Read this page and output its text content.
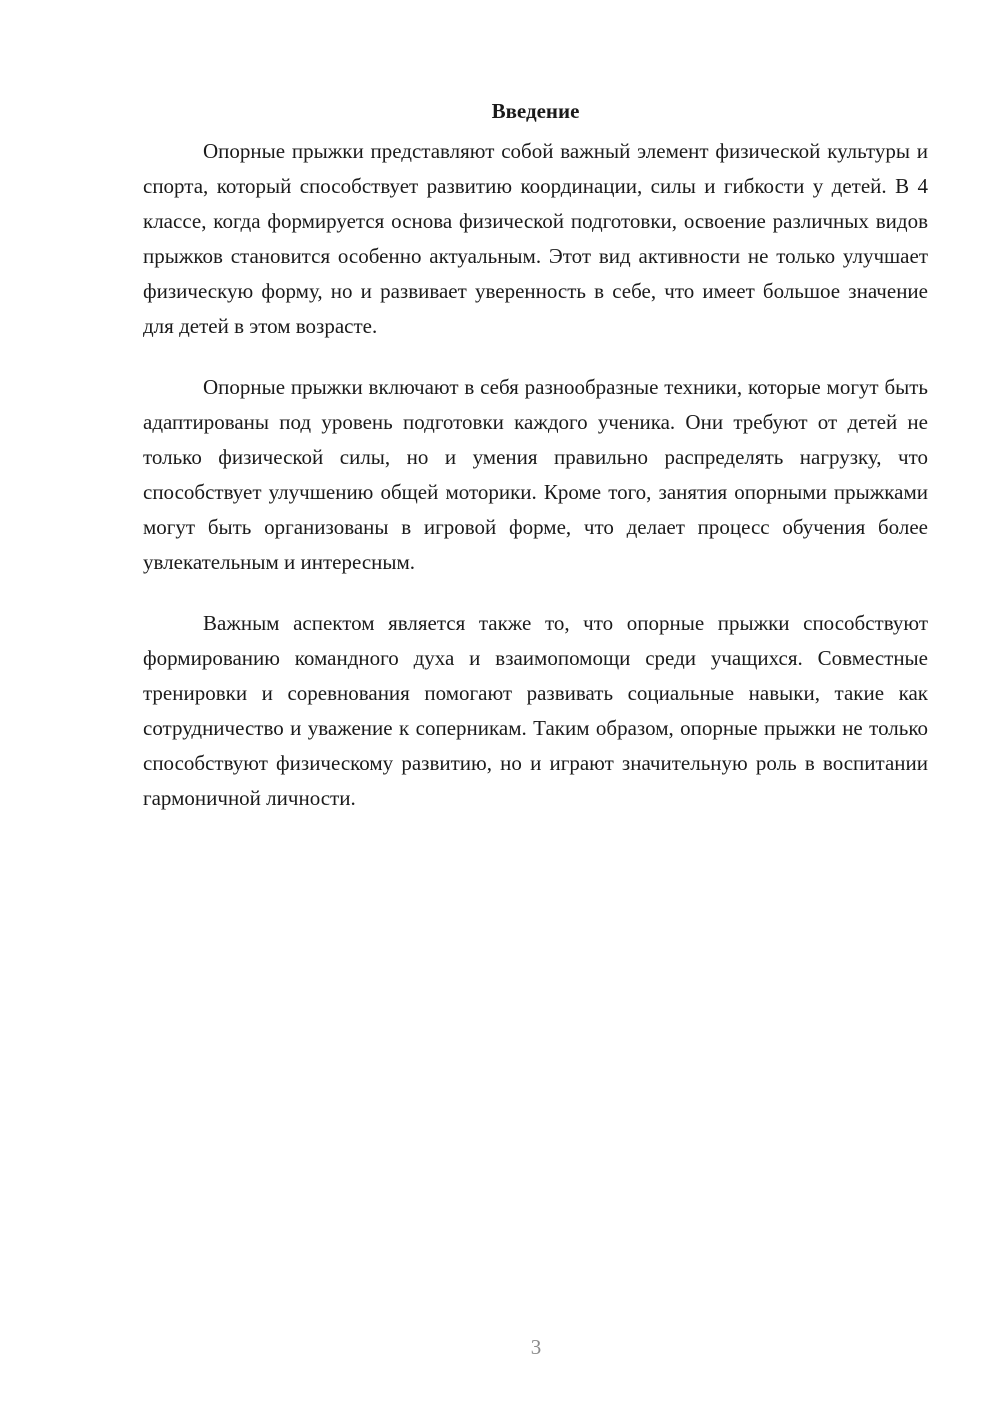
Введение

Опорные прыжки представляют собой важный элемент физической культуры и спорта, который способствует развитию координации, силы и гибкости у детей. В 4 классе, когда формируется основа физической подготовки, освоение различных видов прыжков становится особенно актуальным. Этот вид активности не только улучшает физическую форму, но и развивает уверенность в себе, что имеет большое значение для детей в этом возрасте.

Опорные прыжки включают в себя разнообразные техники, которые могут быть адаптированы под уровень подготовки каждого ученика. Они требуют от детей не только физической силы, но и умения правильно распределять нагрузку, что способствует улучшению общей моторики. Кроме того, занятия опорными прыжками могут быть организованы в игровой форме, что делает процесс обучения более увлекательным и интересным.

Важным аспектом является также то, что опорные прыжки способствуют формированию командного духа и взаимопомощи среди учащихся. Совместные тренировки и соревнования помогают развивать социальные навыки, такие как сотрудничество и уважение к соперникам. Таким образом, опорные прыжки не только способствуют физическому развитию, но и играют значительную роль в воспитании гармоничной личности.

3
